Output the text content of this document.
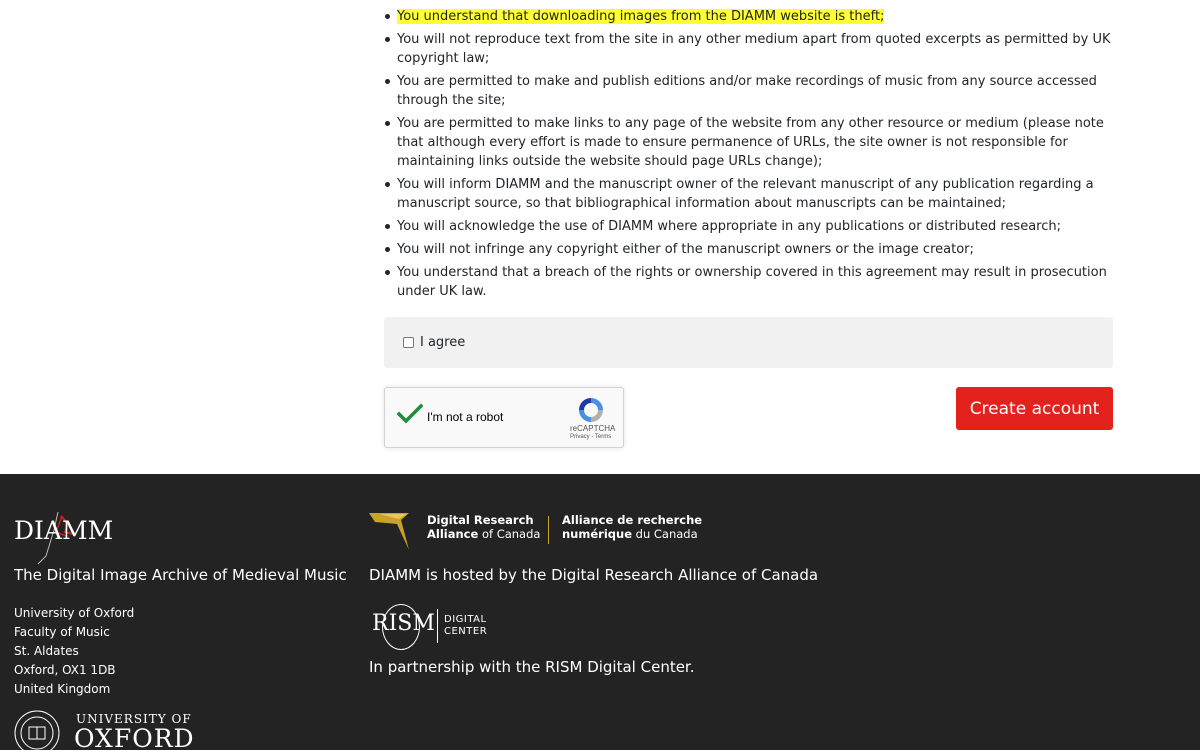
You understand that downloading images from the DIAMM website is theft;
You will not reproduce text from the site in any other medium apart from quoted excerpts as permitted by UK copyright law;
You are permitted to make and publish editions and/or make recordings of music from any source accessed through the site;
You are permitted to make links to any page of the website from any other resource or medium (please note that although every effort is made to ensure permanence of URLs, the site owner is not responsible for maintaining links outside the website should page URLs change);
You will inform DIAMM and the manuscript owner of the relevant manuscript of any publication regarding a manuscript source, so that bibliographical information about manuscripts can be maintained;
You will acknowledge the use of DIAMM where appropriate in any publications or distributed research;
You will not infringe any copyright either of the manuscript owners or the image creator;
You understand that a breach of the rights or ownership covered in this agreement may result in prosecution under UK law.
I agree
I'm not a robot
reCAPTCHA
Privacy - Terms
Create account
DIAMM
The Digital Image Archive of Medieval Music
University of Oxford
Faculty of Music
St. Aldates
Oxford, OX1 1DB
United Kingdom
UNIVERSITY OF
OXFORD
Digital Research
Alliance of Canada
Alliance de recherche
numérique du Canada
DIAMM is hosted by the Digital Research Alliance of Canada
RISM DIGITAL
CENTER
In partnership with the RISM Digital Center.
